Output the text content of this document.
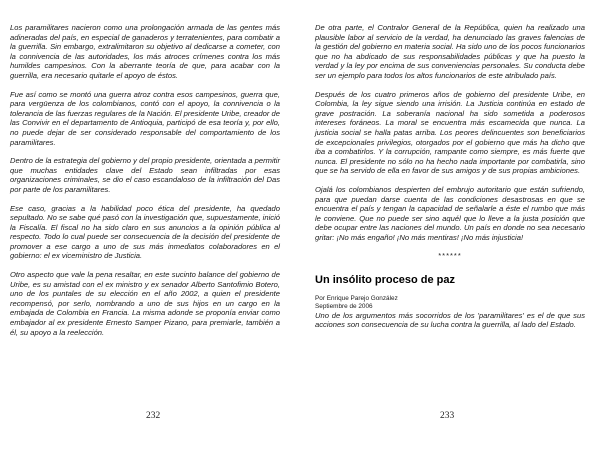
Los paramilitares nacieron como una prolongación armada de las gentes más adineradas del país, en especial de ganaderos y terratenientes, para combatir a la guerrilla. Sin embargo, extralimitaron su objetivo al dedicarse a cometer, con la connivencia de las autoridades, los más atroces crímenes contra los más humildes campesinos. Con la aberrante teoría de que, para acabar con la guerrilla, era necesario quitarle el apoyo de éstos.

Fue así como se montó una guerra atroz contra esos campesinos, guerra que, para vergüenza de los colombianos, contó con el apoyo, la connivencia o la tolerancia de las fuerzas regulares de la Nación. El presidente Uribe, creador de las Convivir en el departamento de Antioquia, participó de esa teoría y, por ello, no puede dejar de ser considerado responsable del comportamiento de los paramilitares.

Dentro de la estrategia del gobierno y del propio presidente, orientada a permitir que muchas entidades clave del Estado sean infiltradas por esas organizaciones criminales, se dio el caso escandaloso de la infiltración del Das por parte de los paramilitares.

Ese caso, gracias a la habilidad poco ética del presidente, ha quedado sepultado. No se sabe qué pasó con la investigación que, supuestamente, inició la Fiscalía. El fiscal no ha sido claro en sus anuncios a la opinión pública al respecto. Todo lo cual puede ser consecuencia de la decisión del presidente de promover a ese cargo a uno de sus más inmediatos colaboradores en el gobierno: el ex viceministro de Justicia.

Otro aspecto que vale la pena resaltar, en este sucinto balance del gobierno de Uribe, es su amistad con el ex ministro y ex senador Alberto Santofimio Botero, uno de los puntales de su elección en el año 2002, a quien el presidente recompensó, por serlo, nombrando a uno de sus hijos en un cargo en la embajada de Colombia en Francia. La misma adonde se proponía enviar como embajador al ex presidente Ernesto Samper Pizano, para premiarle, también a él, su apoyo a la reelección.

232

De otra parte, el Contralor General de la República, quien ha realizado una plausible labor al servicio de la verdad, ha denunciado las graves falencias de la gestión del gobierno en materia social. Ha sido uno de los pocos funcionarios que no ha abdicado de sus responsabilidades públicas y que ha puesto la verdad y la ley por encima de sus conveniencias personales. Su conducta debe ser un ejemplo para todos los altos funcionarios de este atribulado país.

Después de los cuatro primeros años de gobierno del presidente Uribe, en Colombia, la ley sigue siendo una irrisión. La Justicia continúa en estado de grave postración. La soberanía nacional ha sido sometida a poderosos intereses foráneos. La moral se encuentra más escamecida que nunca. La justicia social se halla patas arriba. Los peores delincuentes son beneficiarios de excepcionales privilegios, otorgados por el gobierno que más ha dicho que iba a combatirlos. Y la corrupción, rampante como siempre, es más fuerte que nunca. El presidente no sólo no ha hecho nada importante por combatirla, sino que se ha servido de ella en favor de sus amigos y de sus propias ambiciones.

Ojalá los colombianos despierten del embrujo autoritario que están sufriendo, para que puedan darse cuenta de las condiciones desastrosas en que se encuentra el país y tengan la capacidad de señalarle a éste el rumbo que más le conviene. Que no puede ser sino aquél que lo lleve a la justa posición que debe ocupar entre las naciones del mundo. Un país en donde no sea necesario gritar: ¡No más engaño! ¡No más mentiras! ¡No más injusticia!

******
Un insólito proceso de paz
Por Enrique Parejo González
Septiembre de 2006

Uno de los argumentos más socorridos de los 'paramilitares' es el de que sus acciones son consecuencia de su lucha contra la guerrilla, al lado del Estado.

233
